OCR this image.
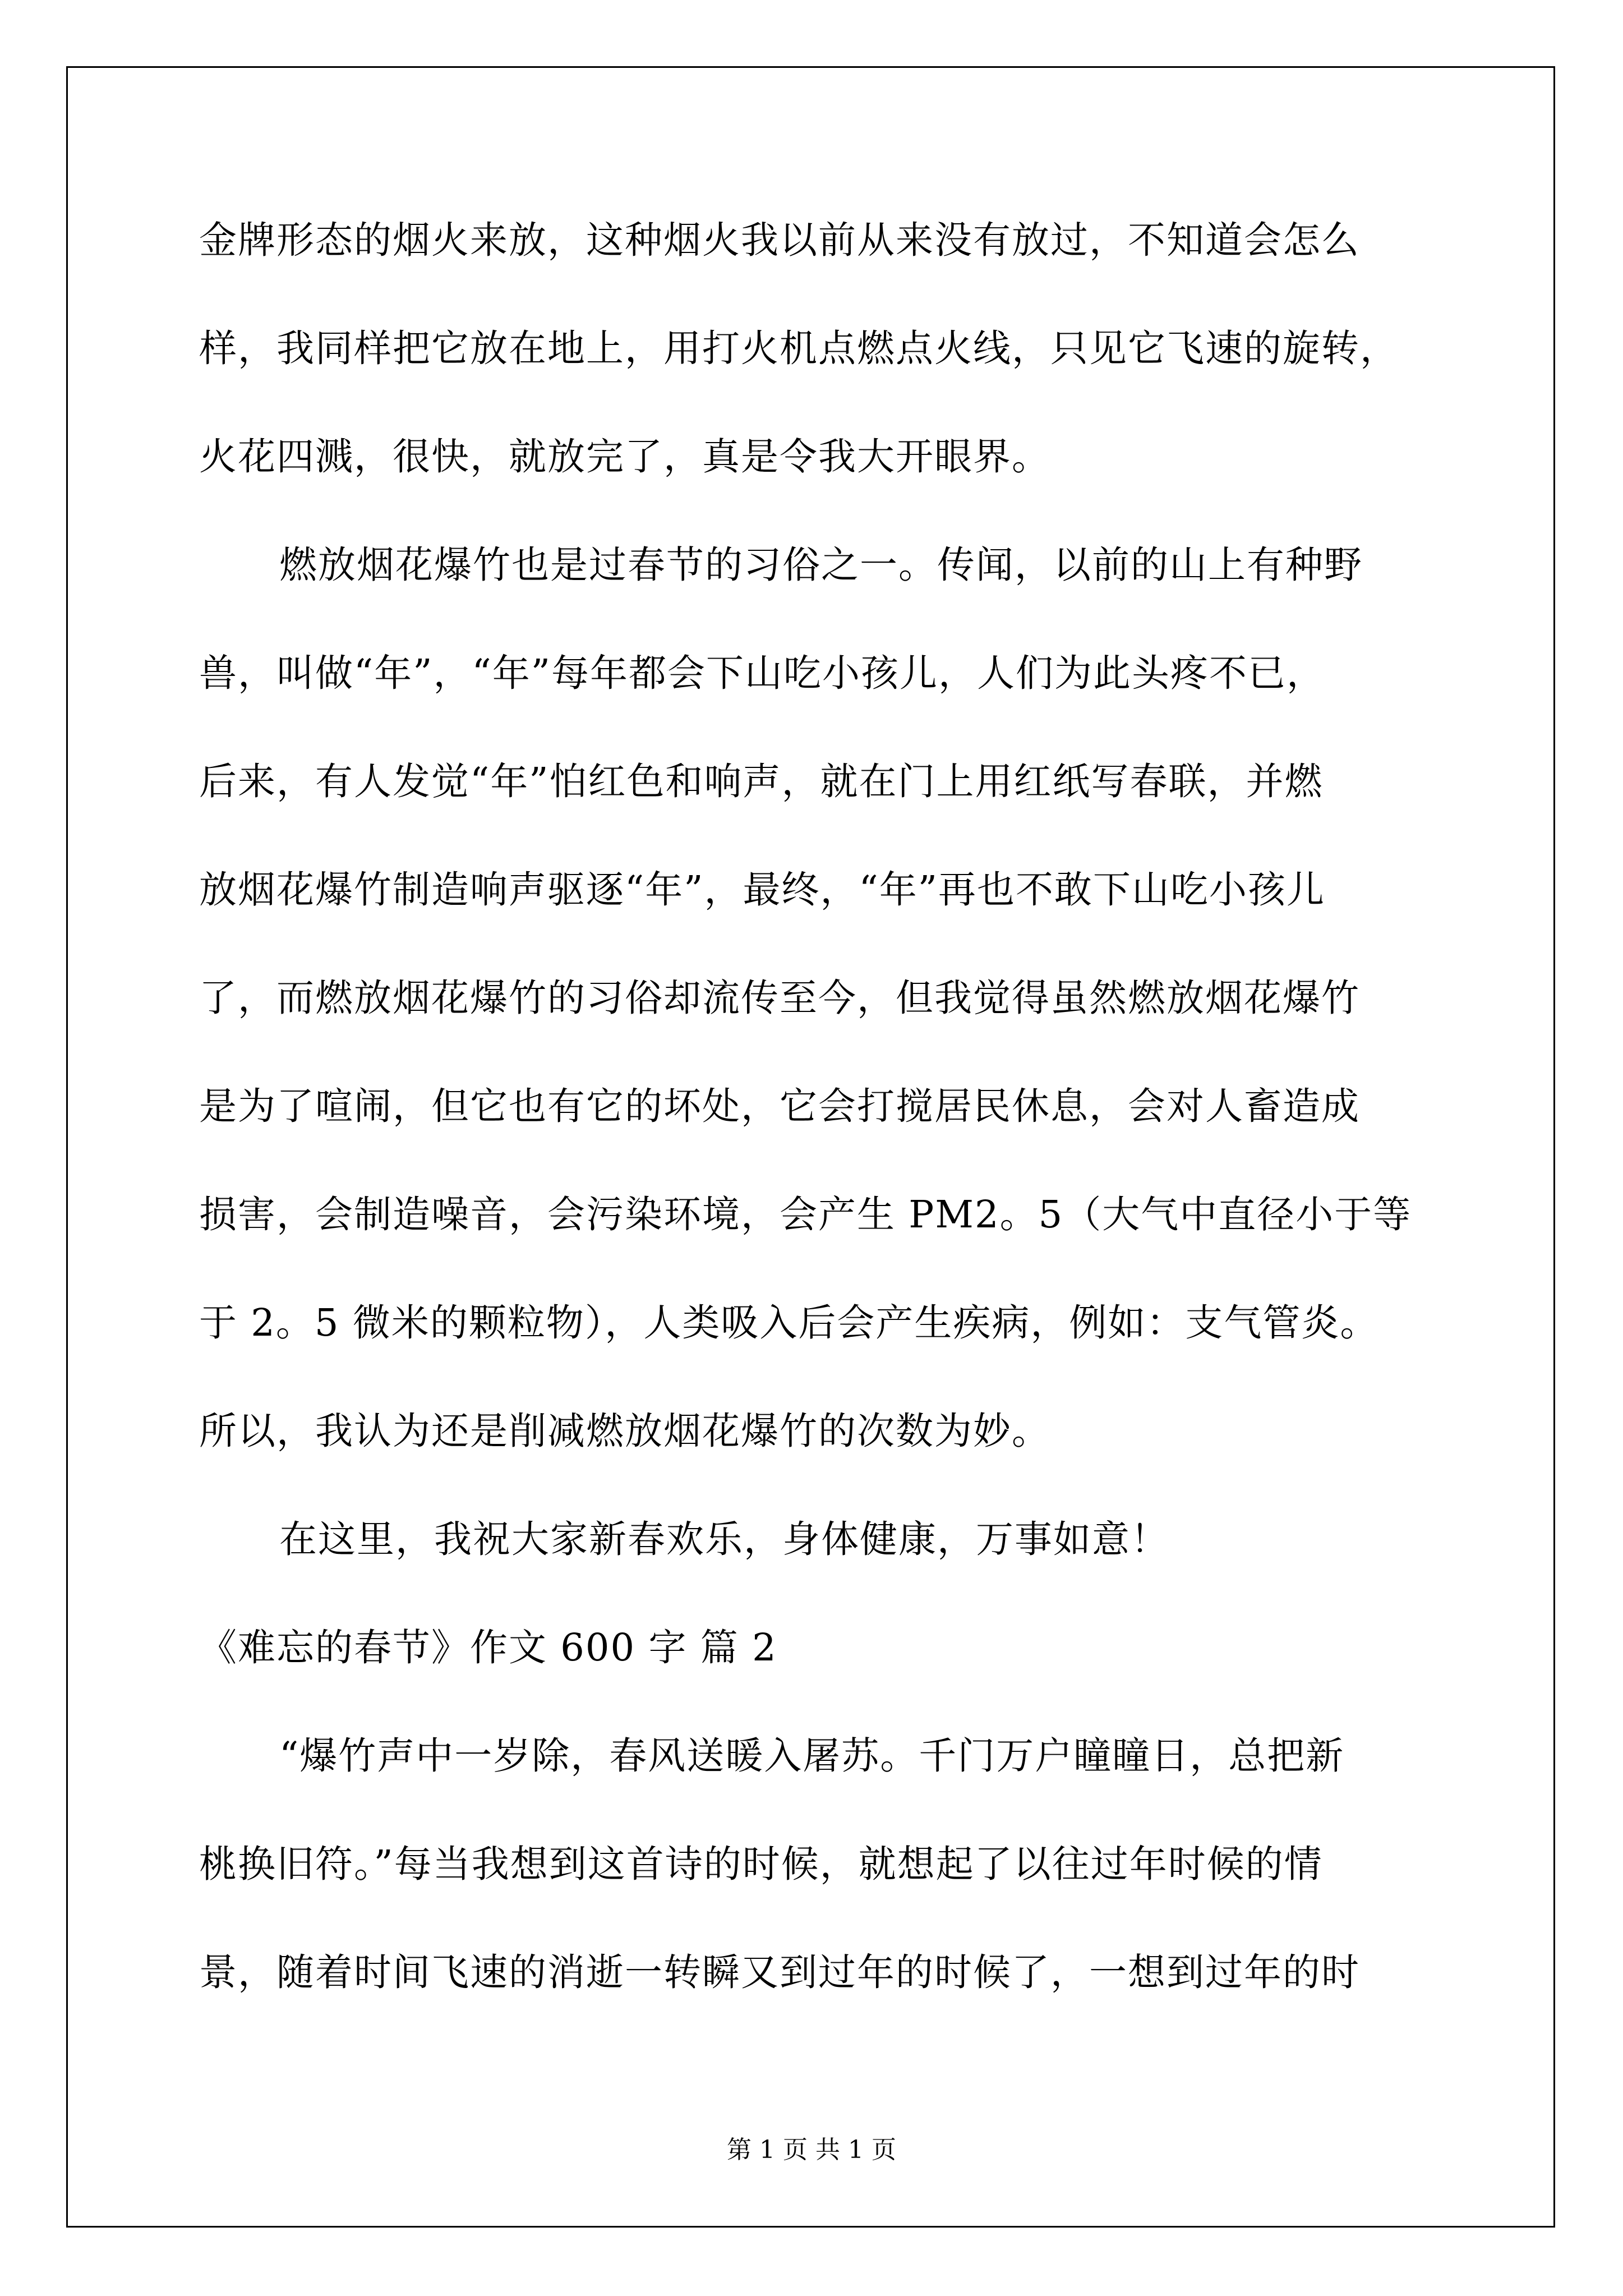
金牌形态的烟火来放，这种烟火我以前从来没有放过，不知道会怎么
样，我同样把它放在地上，用打火机点燃点火线，只见它飞速的旋转，
火花四溅，很快，就放完了，真是令我大开眼界。
燃放烟花爆竹也是过春节的习俗之一。传闻，以前的山上有种野
兽，叫做“年”，“年”每年都会下山吃小孩儿，人们为此头疼不已，
后来，有人发觉“年”怕红色和响声，就在门上用红纸写春联，并燃
放烟花爆竹制造响声驱逐“年”，最终，“年”再也不敢下山吃小孩儿
了，而燃放烟花爆竹的习俗却流传至今，但我觉得虽然燃放烟花爆竹
是为了喧闹，但它也有它的坏处，它会打搅居民休息，会对人畜造成
损害，会制造噪音，会污染环境，会产生 PM2。5（大气中直径小于等
于 2。5 微米的颗粒物），人类吸入后会产生疾病，例如：支气管炎。
所以，我认为还是削减燃放烟花爆竹的次数为妙。
在这里，我祝大家新春欢乐，身体健康，万事如意！
《难忘的春节》作文 600 字 篇 2
“爆竹声中一岁除，春风送暖入屠苏。千门万户瞳瞳日，总把新
桃换旧符。”每当我想到这首诗的时候，就想起了以往过年时候的情
景，随着时间飞速的消逝一转瞬又到过年的时候了，一想到过年的时
第 1 页 共 1 页
